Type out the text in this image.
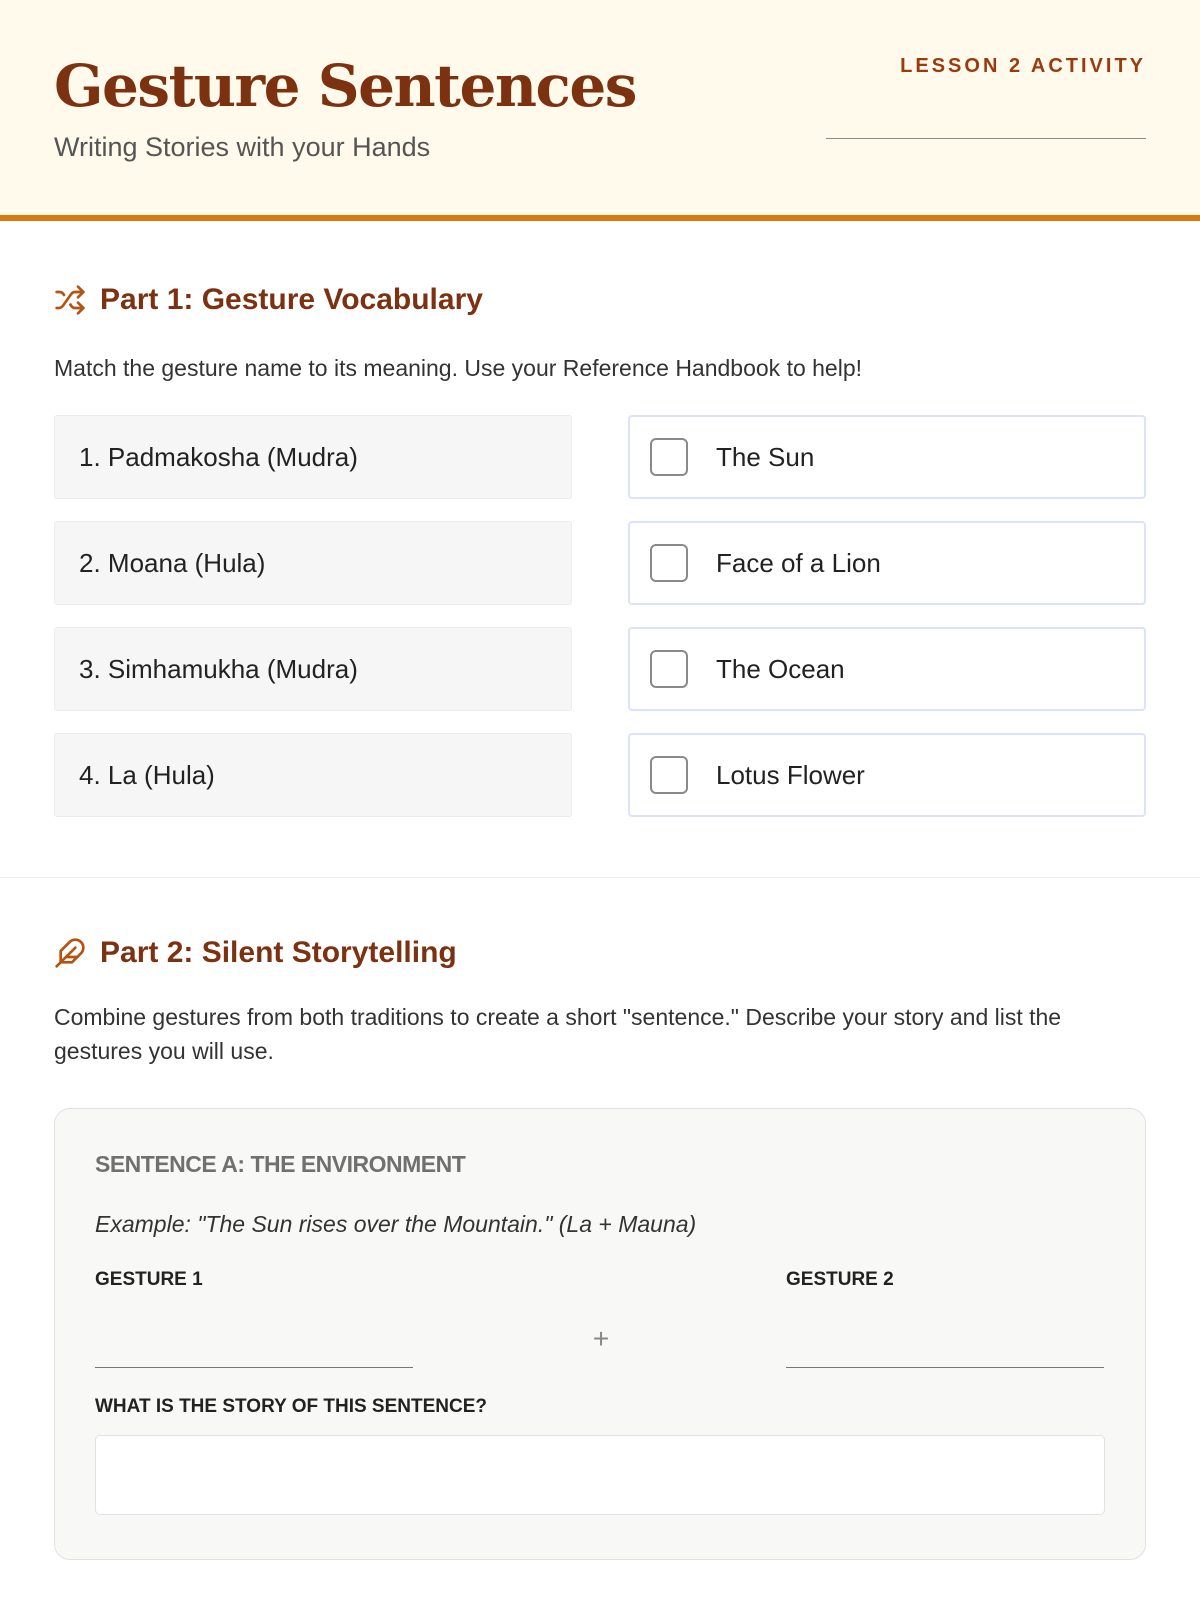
Gesture Sentences
Writing Stories with your Hands
LESSON 2 ACTIVITY
Part 1: Gesture Vocabulary
Match the gesture name to its meaning. Use your Reference Handbook to help!
1. Padmakosha (Mudra)	The Sun
2. Moana (Hula)	Face of a Lion
3. Simhamukha (Mudra)	The Ocean
4. La (Hula)	Lotus Flower
Part 2: Silent Storytelling
Combine gestures from both traditions to create a short "sentence." Describe your story and list the gestures you will use.
SENTENCE A: THE ENVIRONMENT
Example: "The Sun rises over the Mountain." (La + Mauna)
GESTURE 1	GESTURE 2
+
WHAT IS THE STORY OF THIS SENTENCE?
